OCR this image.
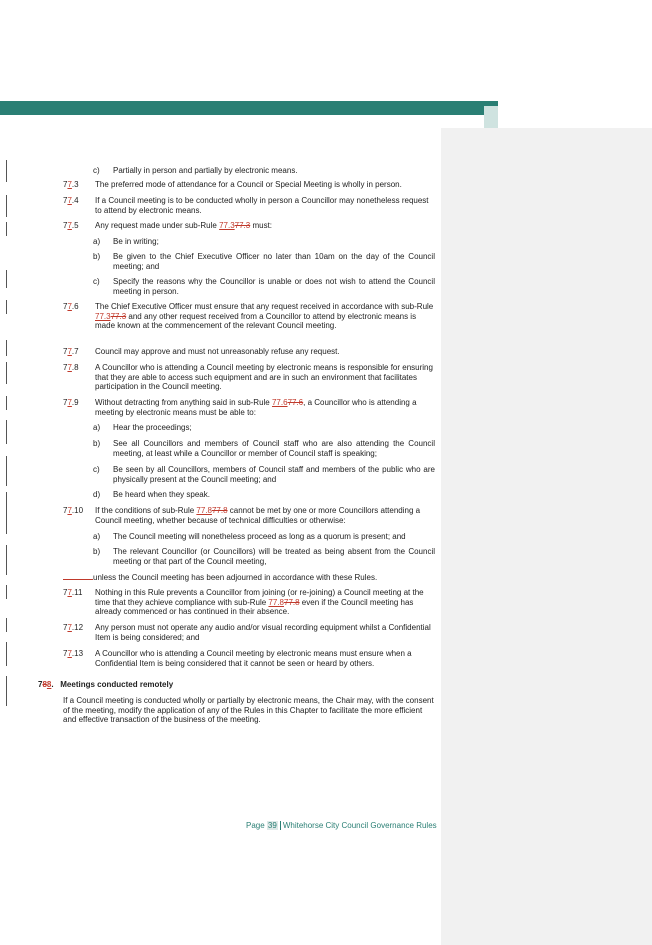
c) Partially in person and partially by electronic means.
77.3 The preferred mode of attendance for a Council or Special Meeting is wholly in person.
77.4 If a Council meeting is to be conducted wholly in person a Councillor may nonetheless request to attend by electronic means.
77.5 Any request made under sub-Rule 77.377.3 must:
a) Be in writing;
b) Be given to the Chief Executive Officer no later than 10am on the day of the Council meeting; and
c) Specify the reasons why the Councillor is unable or does not wish to attend the Council meeting in person.
77.6 The Chief Executive Officer must ensure that any request received in accordance with sub-Rule 77.377.3 and any other request received from a Councillor to attend by electronic means is made known at the commencement of the relevant Council meeting.
77.7 Council may approve and must not unreasonably refuse any request.
77.8 A Councillor who is attending a Council meeting by electronic means is responsible for ensuring that they are able to access such equipment and are in such an environment that facilitates participation in the Council meeting.
77.9 Without detracting from anything said in sub-Rule 77.677.6, a Councillor who is attending a meeting by electronic means must be able to:
a) Hear the proceedings;
b) See all Councillors and members of Council staff who are also attending the Council meeting, at least while a Councillor or member of Council staff is speaking;
c) Be seen by all Councillors, members of Council staff and members of the public who are physically present at the Council meeting; and
d) Be heard when they speak.
77.10 If the conditions of sub-Rule 77.877.8 cannot be met by one or more Councillors attending a Council meeting, whether because of technical difficulties or otherwise:
a) The Council meeting will nonetheless proceed as long as a quorum is present; and
b) The relevant Councillor (or Councillors) will be treated as being absent from the Council meeting or that part of the Council meeting,
unless the Council meeting has been adjourned in accordance with these Rules.
77.11 Nothing in this Rule prevents a Councillor from joining (or re-joining) a Council meeting at the time that they achieve compliance with sub-Rule 77.877.8 even if the Council meeting has already commenced or has continued in their absence.
77.12 Any person must not operate any audio and/or visual recording equipment whilst a Confidential Item is being considered; and
77.13 A Councillor who is attending a Council meeting by electronic means must ensure when a Confidential Item is being considered that it cannot be seen or heard by others.
788. Meetings conducted remotely
If a Council meeting is conducted wholly or partially by electronic means, the Chair may, with the consent of the meeting, modify the application of any of the Rules in this Chapter to facilitate the more efficient and effective transaction of the business of the meeting.
Page 39 Whitehorse City Council Governance Rules
